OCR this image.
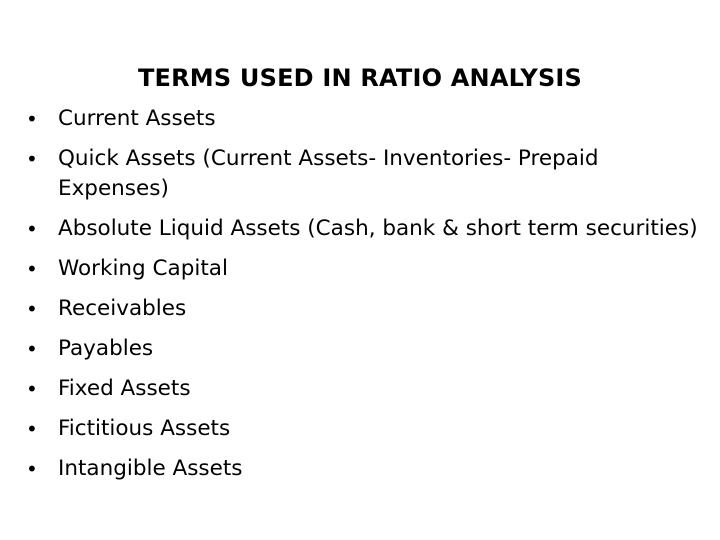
TERMS USED IN RATIO ANALYSIS
• Current Assets
• Quick Assets (Current Assets- Inventories- Prepaid Expenses)
• Absolute Liquid Assets (Cash, bank & short term securities)
• Working Capital
• Receivables
• Payables
• Fixed Assets
• Fictitious Assets
• Intangible Assets
